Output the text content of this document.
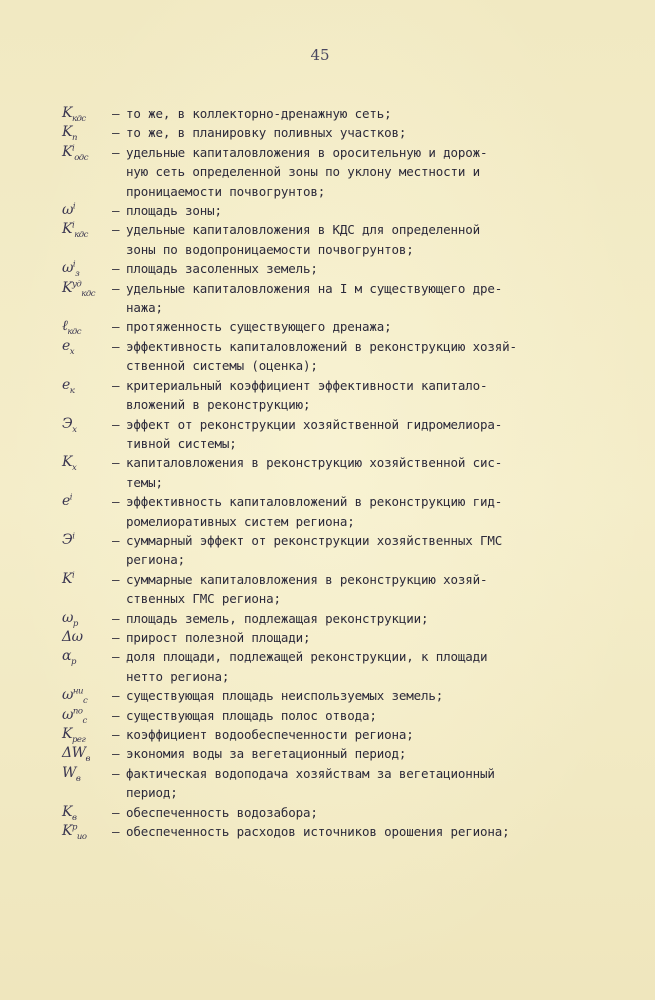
45
$K_{кдс}$	– то же, в коллекторно-дренажную сеть;
$K_п$	– то же, в планировку поливных участков;
$K^i_{одс}$	– удельные капиталовложения в оросительную и дорож-
ную сеть определенной зоны по уклону местности и
проницаемости почвогрунтов;
$\omega^i$	– площадь зоны;
$K^i_{кдс}$	– удельные капиталовложения в КДС для определенной
зоны по водопроницаемости почвогрунтов;
$\omega^i_з$	– площадь засоленных земель;
$K^{уд}_{кдс}$	– удельные капиталовложения на I м существующего дре-
нажа;
ℓ$_{кдс}$	– протяженность существующего дренажа;
$e_x$	– эффективность капиталовложений в реконструкцию хозяй-
ственной системы (оценка);
$e_к$	– критериальный коэффициент эффективности капитало-
вложений в реконструкцию;
$Э_x$	– эффект от реконструкции хозяйственной гидромелиора-
тивной системы;
$K_x$	– капиталовложения в реконструкцию хозяйственной сис-
темы;
$e^i$	– эффективность капиталовложений в реконструкцию гид-
ромелиоративных систем региона;
$Э^i$	– суммарный эффект от реконструкции хозяйственных ГМС
региона;
$K^i$	– суммарные капиталовложения в реконструкцию хозяй-
ственных ГМС региона;
$\omega_р$	– площадь земель, подлежащая реконструкции;
Δω	– прирост полезной площади;
$\alpha_р$	– доля площади, подлежащей реконструкции, к площади
нетто региона;
$\omega^{ни}_с$	– существующая площадь неиспользуемых земель;
$\omega^{по}_с$	– существующая площадь полос отвода;
$K_{рег}$	– коэффициент водообеспеченности региона;
$\Delta W_в$	– экономия воды за вегетационный период;
$W_в$	– фактическая водоподача хозяйствам за вегетационный
период;
$K_в$	– обеспеченность водозабора;
$K^р_{ио}$	– обеспеченность расходов источников орошения региона;
